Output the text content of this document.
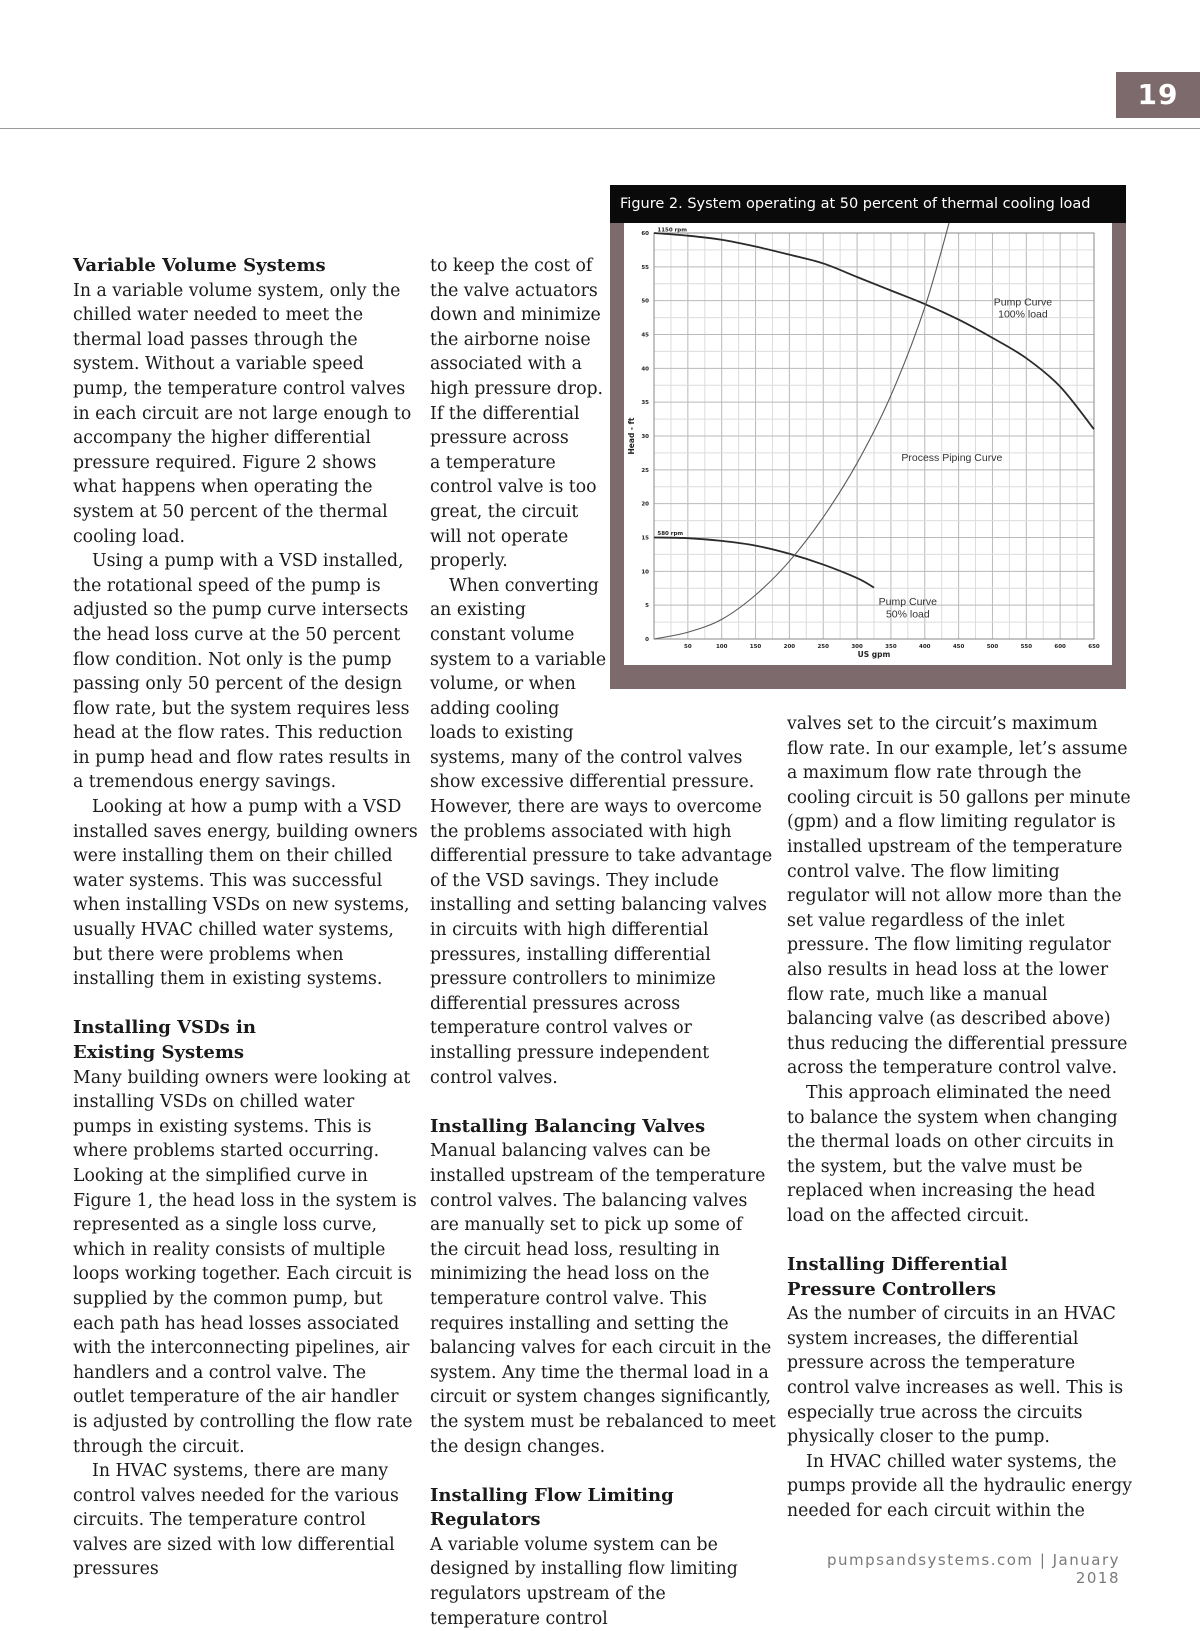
19
Variable Volume Systems

In a variable volume system, only the chilled water needed to meet the thermal load passes through the system. Without a variable speed pump, the temperature control valves in each circuit are not large enough to accompany the higher differential pressure required. Figure 2 shows what happens when operating the system at 50 percent of the thermal cooling load.

Using a pump with a VSD installed, the rotational speed of the pump is adjusted so the pump curve intersects the head loss curve at the 50 percent flow condition. Not only is the pump passing only 50 percent of the design flow rate, but the system requires less head at the flow rates. This reduction in pump head and flow rates results in a tremendous energy savings.

Looking at how a pump with a VSD installed saves energy, building owners were installing them on their chilled water systems. This was successful when installing VSDs on new systems, usually HVAC chilled water systems, but there were problems when installing them in existing systems.

Installing VSDs in
Existing Systems

Many building owners were looking at installing VSDs on chilled water pumps in existing systems. This is where problems started occurring. Looking at the simplified curve in Figure 1, the head loss in the system is represented as a single loss curve, which in reality consists of multiple loops working together. Each circuit is supplied by the common pump, but each path has head losses associated with the interconnecting pipelines, air handlers and a control valve. The outlet temperature of the air handler is adjusted by controlling the flow rate through the circuit.

In HVAC systems, there are many control valves needed for the various circuits. The temperature control valves are sized with low differential pressures

to keep the cost of
the valve actuators
down and minimize
the airborne noise
associated with a
high pressure drop.
If the differential
pressure across
a temperature
control valve is too
great, the circuit
will not operate
properly.
When converting
an existing
constant volume
system to a variable
volume, or when
adding cooling
loads to existing

systems, many of the control valves show excessive differential pressure. However, there are ways to overcome the problems associated with high differential pressure to take advantage of the VSD savings. They include installing and setting balancing valves in circuits with high differential pressures, installing differential pressure controllers to minimize differential pressures across temperature control valves or installing pressure independent control valves.

Installing Balancing Valves

Manual balancing valves can be installed upstream of the temperature control valves. The balancing valves are manually set to pick up some of the circuit head loss, resulting in minimizing the head loss on the temperature control valve. This requires installing and setting the balancing valves for each circuit in the system. Any time the thermal load in a circuit or system changes significantly, the system must be rebalanced to meet the design changes.

Installing Flow Limiting Regulators

A variable volume system can be designed by installing flow limiting regulators upstream of the temperature control

Figure 2. System operating at 50 percent of thermal cooling load
0
5
10
15
20
25
30
35
40
45
50
55
60
50	100	150	200	250	300	350	400	450	500	550	600	650
US gpm
Head - ft
Pump Curve
100% load
Pump Curve
50% load
Process Piping Curve
1150 rpm
580 rpm

valves set to the circuit’s maximum flow rate. In our example, let’s assume a maximum flow rate through the cooling circuit is 50 gallons per minute (gpm) and a flow limiting regulator is installed upstream of the temperature control valve. The flow limiting regulator will not allow more than the set value regardless of the inlet pressure. The flow limiting regulator also results in head loss at the lower flow rate, much like a manual balancing valve (as described above) thus reducing the differential pressure across the temperature control valve.

This approach eliminated the need to balance the system when changing the thermal loads on other circuits in the system, but the valve must be replaced when increasing the head load on the affected circuit.

Installing Differential
Pressure Controllers

As the number of circuits in an HVAC system increases, the differential pressure across the temperature control valve increases as well. This is especially true across the circuits physically closer to the pump.

In HVAC chilled water systems, the pumps provide all the hydraulic energy needed for each circuit within the

pumpsandsystems.com | January 2018
